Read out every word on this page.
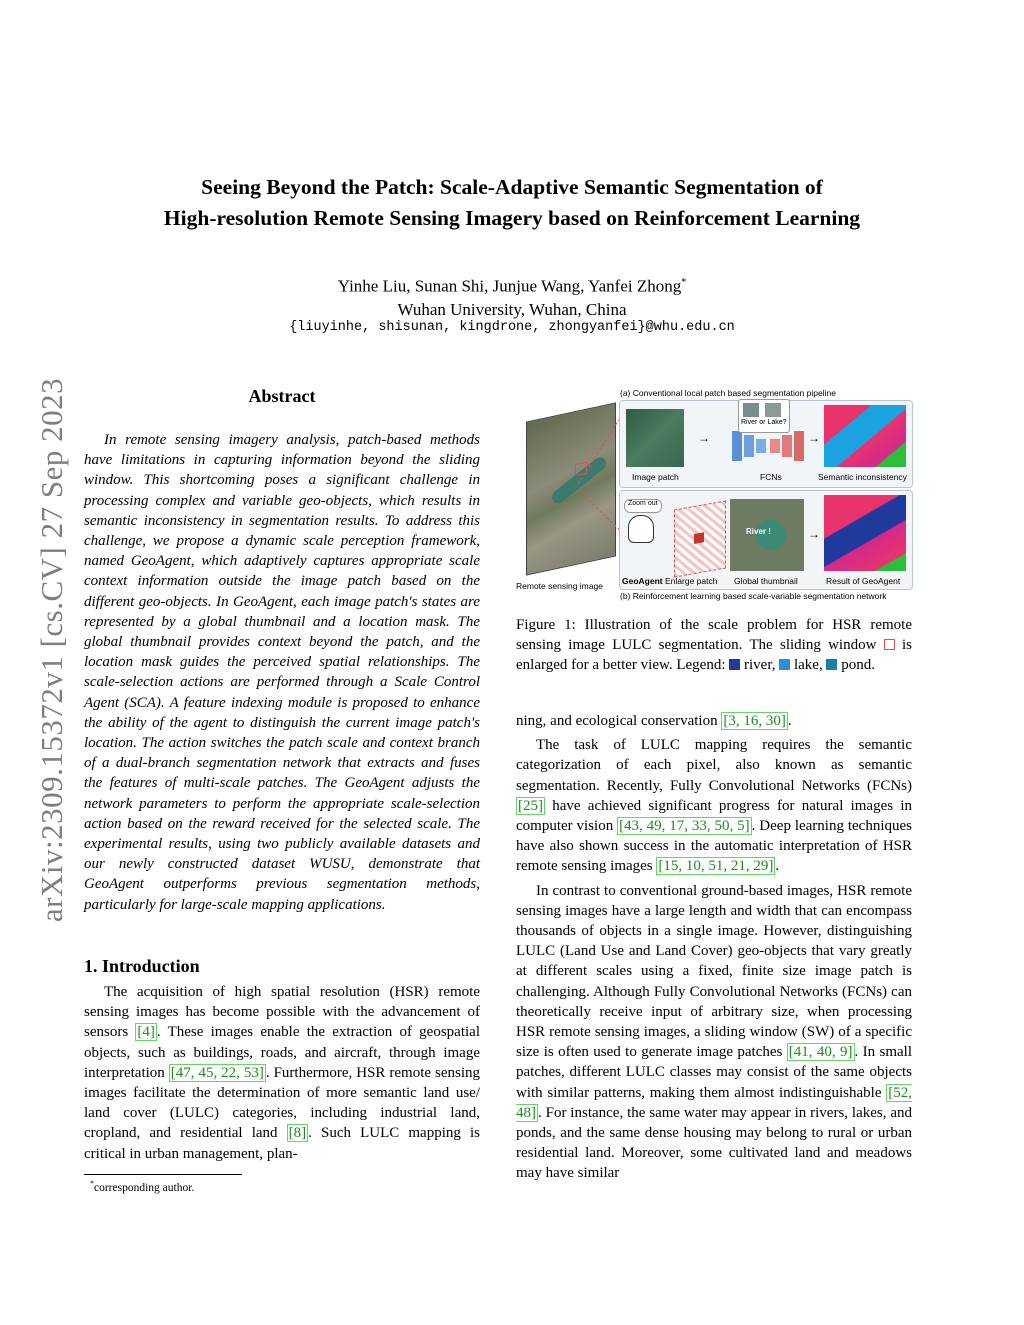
arXiv:2309.15372v1 [cs.CV] 27 Sep 2023
Seeing Beyond the Patch: Scale-Adaptive Semantic Segmentation of
High-resolution Remote Sensing Imagery based on Reinforcement Learning
Yinhe Liu, Sunan Shi, Junjue Wang, Yanfei Zhong*
Wuhan University, Wuhan, China
{liuyinhe, shisunan, kingdrone, zhongyanfei}@whu.edu.cn
Abstract
In remote sensing imagery analysis, patch-based methods have limitations in capturing information beyond the sliding window. This shortcoming poses a significant challenge in processing complex and variable geo-objects, which results in semantic inconsistency in segmentation results. To address this challenge, we propose a dynamic scale perception framework, named GeoAgent, which adaptively captures appropriate scale context information outside the image patch based on the different geo-objects. In GeoAgent, each image patch's states are represented by a global thumbnail and a location mask. The global thumbnail provides context beyond the patch, and the location mask guides the perceived spatial relationships. The scale-selection actions are performed through a Scale Control Agent (SCA). A feature indexing module is proposed to enhance the ability of the agent to distinguish the current image patch's location. The action switches the patch scale and context branch of a dual-branch segmentation network that extracts and fuses the features of multi-scale patches. The GeoAgent adjusts the network parameters to perform the appropriate scale-selection action based on the reward received for the selected scale. The experimental results, using two publicly available datasets and our newly constructed dataset WUSU, demonstrate that GeoAgent outperforms previous segmentation methods, particularly for large-scale mapping applications.
1. Introduction
The acquisition of high spatial resolution (HSR) remote sensing images has become possible with the advancement of sensors [4] . These images enable the extraction of geospatial objects, such as buildings, roads, and aircraft, through image interpretation [47, 45, 22, 53] . Furthermore, HSR remote sensing images facilitate the determination of more semantic land use/ land cover (LULC) categories, including industrial land, cropland, and residential land [8] . Such LULC mapping is critical in urban management, plan-
*corresponding author.
Remote sensing image
(a) Conventional local patch based segmentation pipeline
Image patch
→
FCNs
River or Lake?
→
Semantic inconsistency
Zoom out
River !	→
GeoAgent Enlarge patch Global thumbnail	Result of GeoAgent
(b) Reinforcement learning based scale-variable segmentation network
Figure 1: Illustration of the scale problem for HSR remote sensing image LULC segmentation. The sliding window  is enlarged for a better view. Legend:  river,  lake,  pond.

ning, and ecological conservation [3, 16, 30] .

The task of LULC mapping requires the semantic categorization of each pixel, also known as semantic segmentation. Recently, Fully Convolutional Networks (FCNs) [25] have achieved significant progress for natural images in computer vision [43, 49, 17, 33, 50, 5] . Deep learning techniques have also shown success in the automatic interpretation of HSR remote sensing images [15, 10, 51, 21, 29] .

In contrast to conventional ground-based images, HSR remote sensing images have a large length and width that can encompass thousands of objects in a single image. However, distinguishing LULC (Land Use and Land Cover) geo-objects that vary greatly at different scales using a fixed, finite size image patch is challenging. Although Fully Convolutional Networks (FCNs) can theoretically receive input of arbitrary size, when processing HSR remote sensing images, a sliding window (SW) of a specific size is often used to generate image patches [41, 40, 9] . In small patches, different LULC classes may consist of the same objects with similar patterns, making them almost indistinguishable [52, 48] . For instance, the same water may appear in rivers, lakes, and ponds, and the same dense housing may belong to rural or urban residential land. Moreover, some cultivated land and meadows may have similar
